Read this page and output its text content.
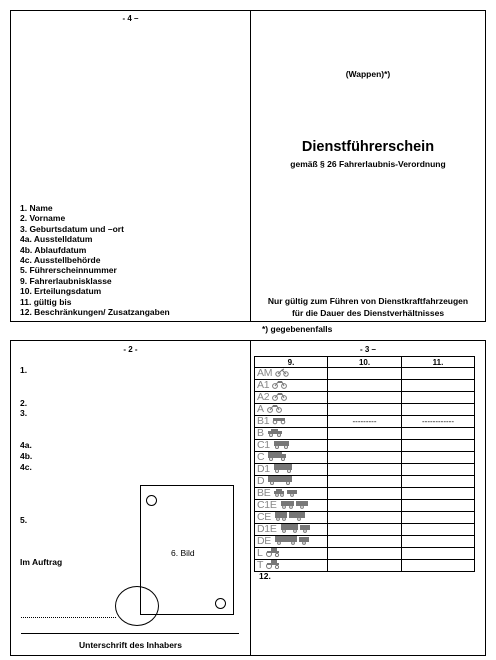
- 4 –
1. Name
2. Vorname
3. Geburtsdatum und –ort
4a. Ausstelldatum
4b. Ablaufdatum
4c. Ausstellbehörde
5. Führerscheinnummer
9. Fahrerlaubnisklasse
10. Erteilungsdatum
11. gültig bis
12. Beschränkungen/ Zusatzangaben
(Wappen)*)
Dienstführerschein
gemäß § 26 Fahrerlaubnis-Verordnung
Nur gültig zum Führen von Dienstkraftfahrzeugen
für die Dauer des Dienstverhältnisses
*) gegebenenfalls
- 2 -
1.
2.
3.
4a.
4b.
4c.
5.
Im Auftrag
6. Bild
Unterschrift des Inhabers
- 3 –
9.	10.	11.
AM		
A1		
A2		
A		
B1	---------	------------
B		
C1		
C		
D1		
D		
BE		
C1E		
CE		
D1E		
DE		
L		
T		
12.
